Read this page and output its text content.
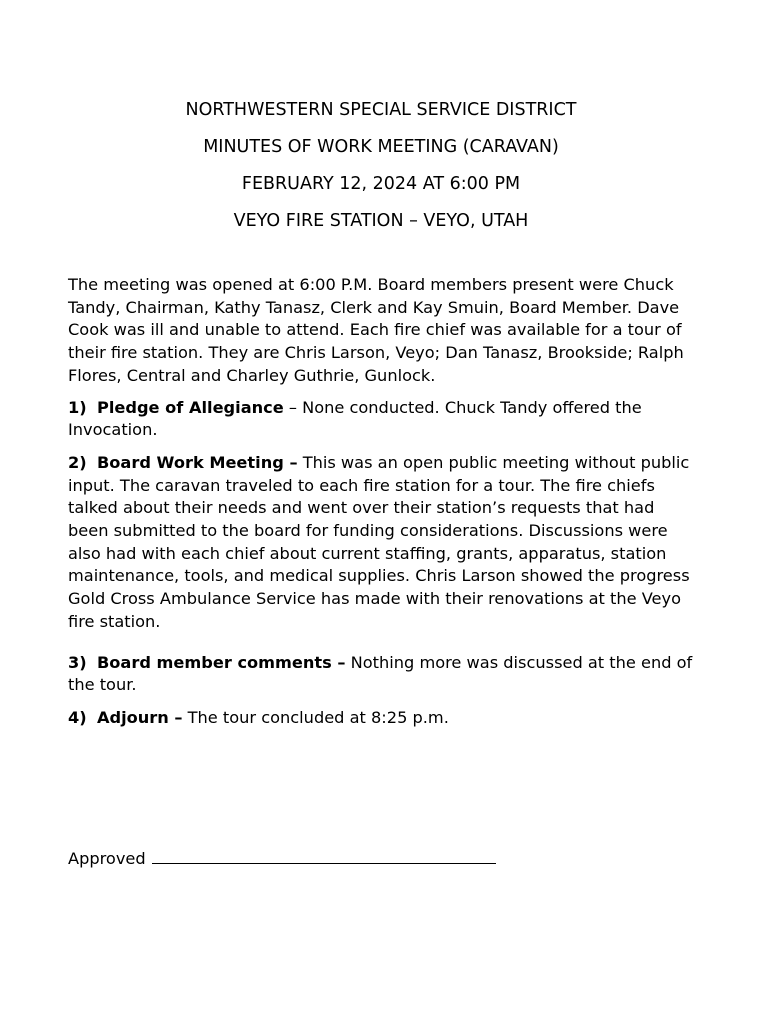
NORTHWESTERN SPECIAL SERVICE DISTRICT
MINUTES OF WORK MEETING (CARAVAN)
FEBRUARY 12, 2024 AT 6:00 PM
VEYO FIRE STATION – VEYO, UTAH

The meeting was opened at 6:00 P.M. Board members present were Chuck Tandy, Chairman, Kathy Tanasz, Clerk and Kay Smuin, Board Member. Dave Cook was ill and unable to attend. Each fire chief was available for a tour of their fire station. They are Chris Larson, Veyo; Dan Tanasz, Brookside; Ralph Flores, Central and Charley Guthrie, Gunlock.

1) Pledge of Allegiance – None conducted. Chuck Tandy offered the Invocation.

2) Board Work Meeting – This was an open public meeting without public input. The caravan traveled to each fire station for a tour. The fire chiefs talked about their needs and went over their station’s requests that had been submitted to the board for funding considerations. Discussions were also had with each chief about current staffing, grants, apparatus, station maintenance, tools, and medical supplies. Chris Larson showed the progress Gold Cross Ambulance Service has made with their renovations at the Veyo fire station.

3) Board member comments – Nothing more was discussed at the end of the tour.

4) Adjourn – The tour concluded at 8:25 p.m.

Approved
